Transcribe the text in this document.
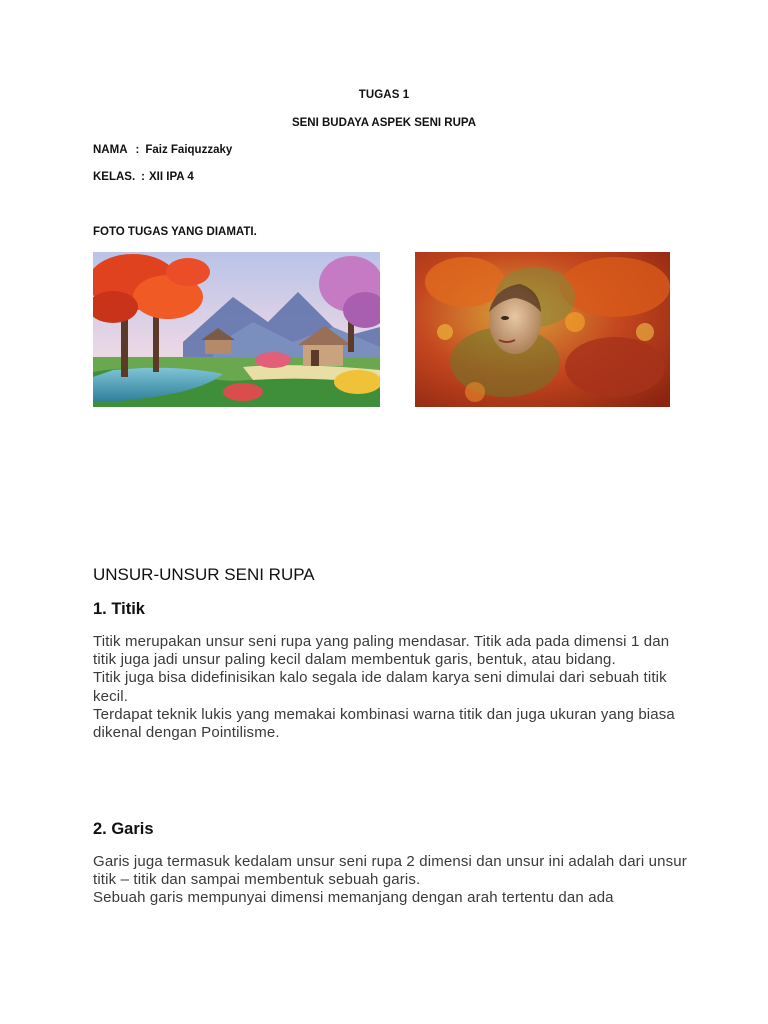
TUGAS 1
SENI BUDAYA ASPEK SENI RUPA
NAMA : Faiz Faiquzzaky
KELAS. : XII IPA 4
FOTO TUGAS YANG DIAMATI.
UNSUR-UNSUR SENI RUPA
1. Titik

Titik merupakan unsur seni rupa yang paling mendasar. Titik ada pada dimensi 1 dan titik juga jadi unsur paling kecil dalam membentuk garis, bentuk, atau bidang.

Titik juga bisa didefinisikan kalo segala ide dalam karya seni dimulai dari sebuah titik kecil.

Terdapat teknik lukis yang memakai kombinasi warna titik dan juga ukuran yang biasa dikenal dengan Pointilisme.

2. Garis

Garis juga termasuk kedalam unsur seni rupa 2 dimensi dan unsur ini adalah dari unsur titik – titik dan sampai membentuk sebuah garis.

Sebuah garis mempunyai dimensi memanjang dengan arah tertentu dan ada
